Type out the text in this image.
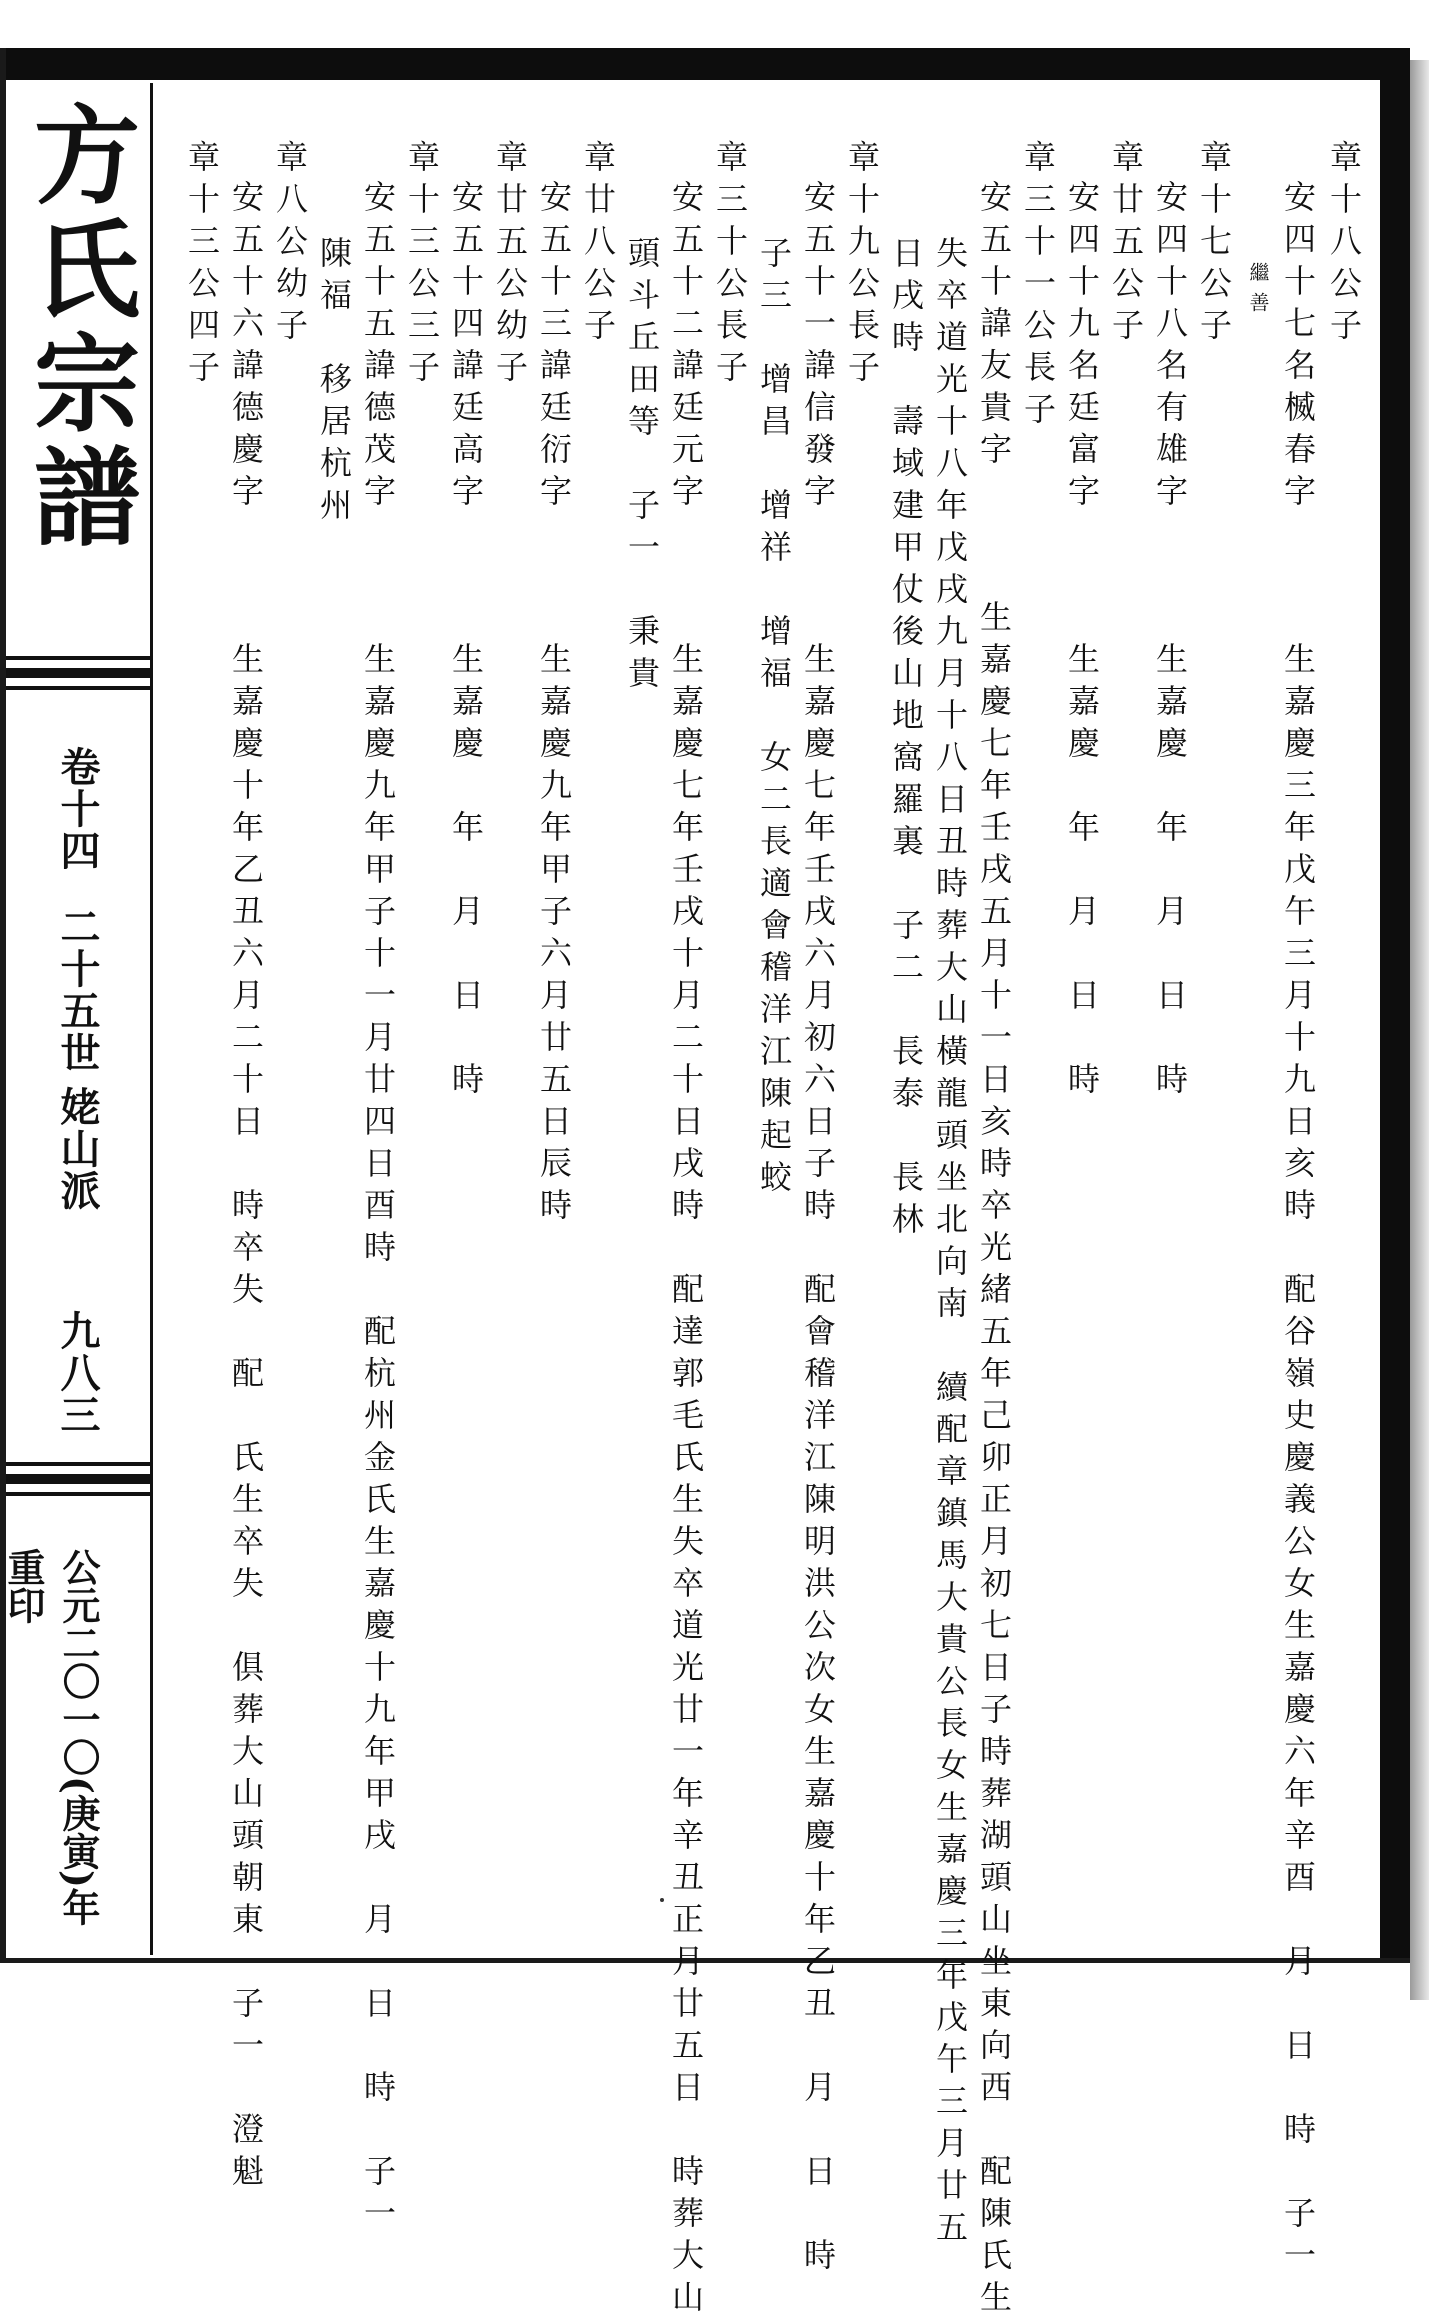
方氏宗譜
卷十四
二十五世
姥山派
九八三
公元二〇一〇(庚寅)年重印
章十八公子
安四十七名楲春字　　　生嘉慶三年戊午三月十九日亥時　配谷嶺史慶義公女生嘉慶六年辛酉　月　日　時　子一
繼善
章十七公子
安四十八名有雄字　　　生嘉慶　年　月　日　時
章廿五公子
安四十九名廷富字　　　生嘉慶　年　月　日　時
章三十一公長子
安五十諱友貴字　　　生嘉慶七年壬戌五月十一日亥時卒光緒五年己卯正月初七日子時葬湖頭山坐東向西　配陳氏生
失卒道光十八年戊戌九月十八日丑時葬大山橫龍頭坐北向南　續配章鎮馬大貴公長女生嘉慶三年戊午三月廿五
日戌時　壽域建甲仗後山地窩羅裏　子二　長泰　長林
章十九公長子
安五十一諱信發字　　　生嘉慶七年壬戌六月初六日子時　配會稽洋江陳明洪公次女生嘉慶十年乙丑　月　日　時
子三　增昌　增祥　增福　女二長適會稽洋江陳起蛟
章三十公長子
安五十二諱廷元字　　　生嘉慶七年壬戌十月二十日戌時　配達郭毛氏生失卒道光廿一年辛丑正月廿五日　時葬大山
頭斗丘田等　子一　秉貴
章廿八公子
安五十三諱廷衍字　　　生嘉慶九年甲子六月廿五日辰時
章廿五公幼子
安五十四諱廷高字　　　生嘉慶　年　月　日　時
章十三公三子
安五十五諱德茂字　　　生嘉慶九年甲子十一月廿四日酉時　配杭州金氏生嘉慶十九年甲戌　月　日　時　子一
陳福　移居杭州
章八公幼子
安五十六諱德慶字　　　生嘉慶十年乙丑六月二十日　時卒失　配　氏生卒失　俱葬大山頭朝東　子一　澄魁
章十三公四子
